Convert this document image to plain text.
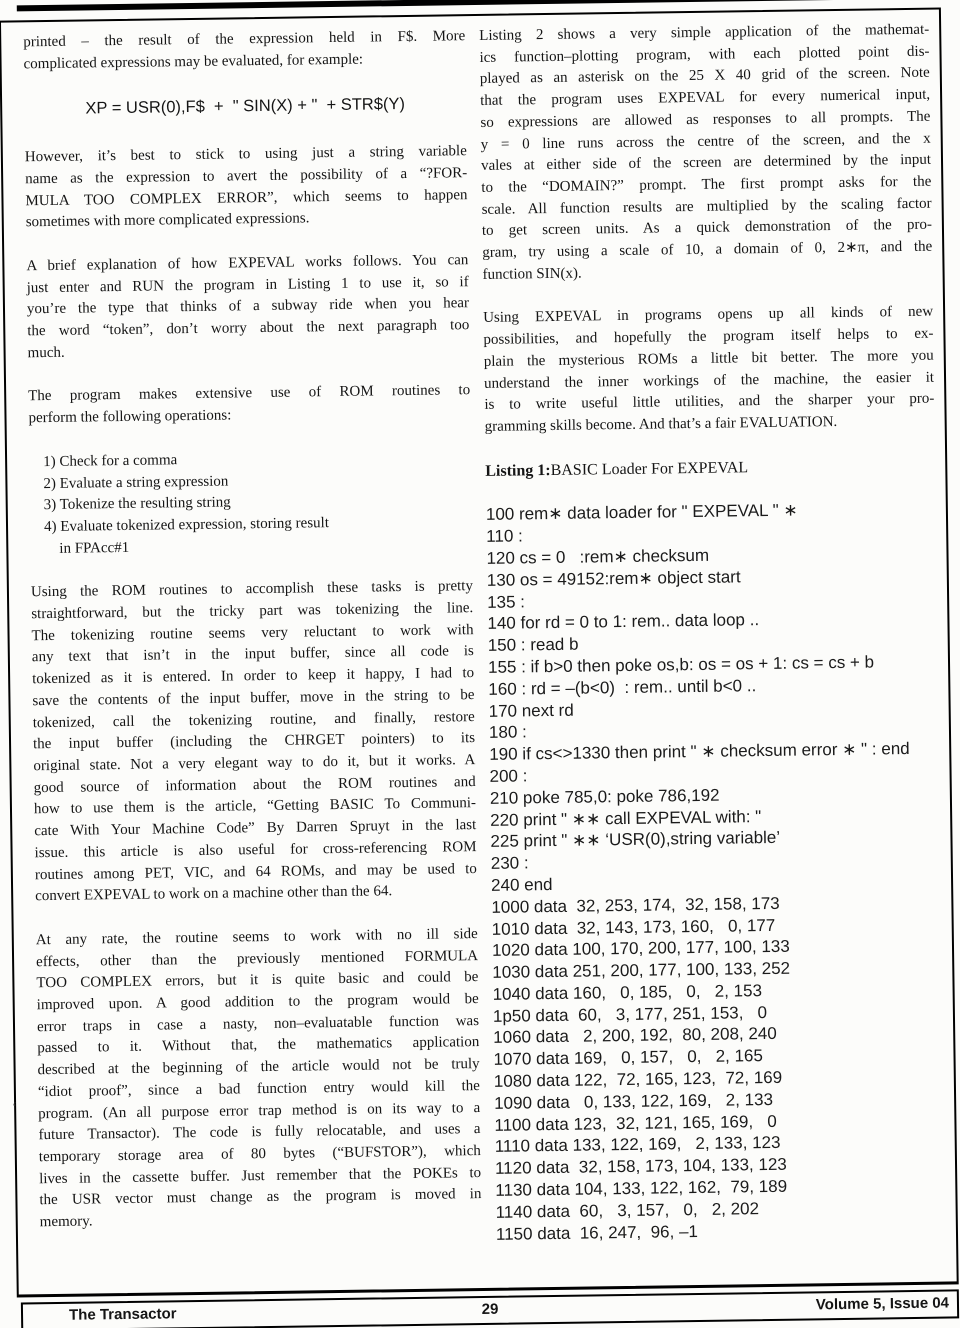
printed – the result of the expression held in F$. More
complicated expressions may be evaluated, for example:
XP = USR(0),F$  +  " SIN(X) + "  + STR$(Y)
However, it’s best to stick to using just a string variable
name as the expression to avert the possibility of a “?FOR-
MULA TOO COMPLEX ERROR”, which seems to happen
sometimes with more complicated expressions.
A brief explanation of how EXPEVAL works follows. You can
just enter and RUN the program in Listing 1 to use it, so if
you’re the type that thinks of a subway ride when you hear
the word “token”, don’t worry about the next paragraph too
much.
The program makes extensive use of ROM routines to
perform the following operations:
1) Check for a comma
2) Evaluate a string expression
3) Tokenize the resulting string
4) Evaluate tokenized expression, storing result
in FPAcc#1
Using the ROM routines to accomplish these tasks is pretty
straightforward, but the tricky part was tokenizing the line.
The tokenizing routine seems very reluctant to work with
any text that isn’t in the input buffer, since all code is
tokenized as it is entered. In order to keep it happy, I had to
save the contents of the input buffer, move in the string to be
tokenized, call the tokenizing routine, and finally, restore
the input buffer (including the CHRGET pointers) to its
original state. Not a very elegant way to do it, but it works. A
good source of information about the ROM routines and
how to use them is the article, “Getting BASIC To Communi-
cate With Your Machine Code” By Darren Spruyt in the last
issue. this article is also useful for cross-referencing ROM
routines among PET, VIC, and 64 ROMs, and may be used to
convert EXPEVAL to work on a machine other than the 64.
At any rate, the routine seems to work with no ill side
effects, other than the previously mentioned FORMULA
TOO COMPLEX errors, but it is quite basic and could be
improved upon. A good addition to the program would be
error traps in case a nasty, non–evaluatable function was
passed to it. Without that, the mathematics application
described at the beginning of the article would not be truly
“idiot proof”, since a bad function entry would kill the
program. (An all purpose error trap method is on its way to a
future Transactor). The code is fully relocatable, and uses a
temporary storage area of 80 bytes (“BUFSTOR”), which
lives in the cassette buffer. Just remember that the POKEs to
the USR vector must change as the program is moved in
memory.
Listing 2 shows a very simple application of the mathemat-
ics function–plotting program, with each plotted point dis-
played as an asterisk on the 25 X 40 grid of the screen. Note
that the program uses EXPEVAL for every numerical input,
so expressions are allowed as responses to all prompts. The
y = 0 line runs across the centre of the screen, and the x
vales at either side of the screen are determined by the input
to the “DOMAIN?” prompt. The first prompt asks for the
scale. All function results are multiplied by the scaling factor
to get screen units. As a quick demonstration of the pro-
gram, try using a scale of 10, a domain of 0, 2∗π, and the
function SIN(x).
Using EXPEVAL in programs opens up all kinds of new
possibilities, and hopefully the program itself helps to ex-
plain the mysterious ROMs a little bit better. The more you
understand the inner workings of the machine, the easier it
is to write useful little utilities, and the sharper your pro-
gramming skills become. And that’s a fair EVALUATION.
Listing 1:BASIC Loader For EXPEVAL
100 rem∗ data loader for " EXPEVAL " ∗
110 :
120 cs = 0   :rem∗ checksum
130 os = 49152:rem∗ object start
135 :
140 for rd = 0 to 1: rem.. data loop ..
150 : read b
155 : if b>0 then poke os,b: os = os + 1: cs = cs + b
160 : rd = –(b<0)  : rem.. until b<0 ..
170 next rd
180 :
190 if cs<>1330 then print " ∗ checksum error ∗ " : end
200 :
210 poke 785,0: poke 786,192
220 print " ∗∗ call EXPEVAL with: "
225 print " ∗∗ ‘USR(0),string variable’
230 :
240 end
1000 data  32, 253, 174,  32, 158, 173
1010 data  32, 143, 173, 160,   0, 177
1020 data 100, 170, 200, 177, 100, 133
1030 data 251, 200, 177, 100, 133, 252
1040 data 160,   0, 185,   0,   2, 153
1p50 data  60,   3, 177, 251, 153,   0
1060 data   2, 200, 192,  80, 208, 240
1070 data 169,   0, 157,   0,   2, 165
1080 data 122,  72, 165, 123,  72, 169
1090 data   0, 133, 122, 169,   2, 133
1100 data 123,  32, 121, 165, 169,   0
1110 data 133, 122, 169,   2, 133, 123
1120 data  32, 158, 173, 104, 133, 123
1130 data 104, 133, 122, 162,  79, 189
1140 data  60,   3, 157,   0,   2, 202
1150 data  16, 247,  96, –1
‘
The Transactor	29	Volume 5, Issue 04
